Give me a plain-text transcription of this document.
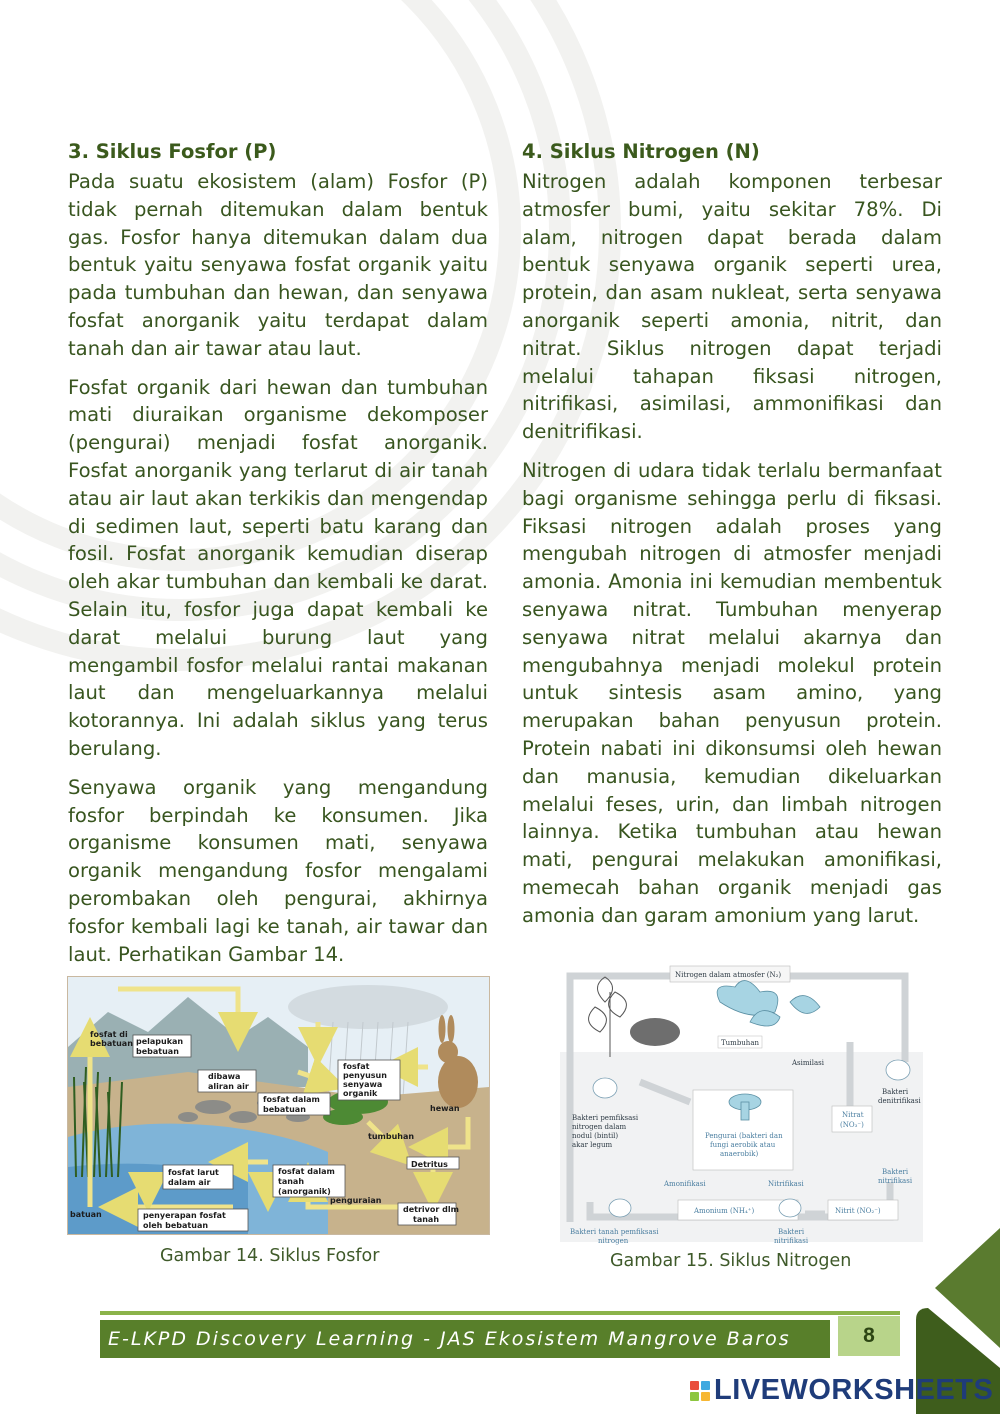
3. Siklus Fosfor (P)

Pada suatu ekosistem (alam) Fosfor (P) tidak pernah ditemukan dalam bentuk gas. Fosfor hanya ditemukan dalam dua bentuk yaitu senyawa fosfat organik yaitu pada tumbuhan dan hewan, dan senyawa fosfat anorganik yaitu terdapat dalam tanah dan air tawar atau laut.

Fosfat organik dari hewan dan tumbuhan mati diuraikan organisme dekomposer (pengurai) menjadi fosfat anorganik. Fosfat anorganik yang terlarut di air tanah atau air laut akan terkikis dan mengendap di sedimen laut, seperti batu karang dan fosil. Fosfat anorganik kemudian diserap oleh akar tumbuhan dan kembali ke darat. Selain itu, fosfor juga dapat kembali ke darat melalui burung laut yang mengambil fosfor melalui rantai makanan laut dan mengeluarkannya melalui kotorannya. Ini adalah siklus yang terus berulang.

Senyawa organik yang mengandung fosfor berpindah ke konsumen. Jika organisme konsumen mati, senyawa organik mengandung fosfor mengalami perombakan oleh pengurai, akhirnya fosfor kembali lagi ke tanah, air tawar dan laut. Perhatikan Gambar 14.

4. Siklus Nitrogen (N)

Nitrogen adalah komponen terbesar atmosfer bumi, yaitu sekitar 78%. Di alam, nitrogen dapat berada dalam bentuk senyawa organik seperti urea, protein, dan asam nukleat, serta senyawa anorganik seperti amonia, nitrit, dan nitrat. Siklus nitrogen dapat terjadi melalui tahapan fiksasi nitrogen, nitrifikasi, asimilasi, ammonifikasi dan denitrifikasi.

Nitrogen di udara tidak terlalu bermanfaat bagi organisme sehingga perlu di fiksasi. Fiksasi nitrogen adalah proses yang mengubah nitrogen di atmosfer menjadi amonia. Amonia ini kemudian membentuk senyawa nitrat. Tumbuhan menyerap senyawa nitrat melalui akarnya dan mengubahnya menjadi molekul protein untuk sintesis asam amino, yang merupakan bahan penyusun protein. Protein nabati ini dikonsumsi oleh hewan dan manusia, kemudian dikeluarkan melalui feses, urin, dan limbah nitrogen lainnya. Ketika tumbuhan atau hewan mati, pengurai melakukan amonifikasi, memecah bahan organik menjadi gas amonia dan garam amonium yang larut.

fosfat di
bebatuan pelapukan
bebatuan
dibawa
aliran air
fosfat dalam
bebatuan
fosfat
penyusun
senyawa
organik
tumbuhan
hewan
Detritus
fosfat larut
dalam air
fosfat dalam
tanah
(anorganik)
penguraian
detrivor dlm
tanah
batuan	penyerapan fosfat
oleh bebatuan
Gambar 14. Siklus Fosfor
Nitrogen dalam atmosfer (N₂)
Tumbuhan
Asimilasi
Pengurai (bakteri dan
fungi aerobik atau
anaerobik)
Bakteri pemfiksasi
nitrogen dalam
nodul (bintil)
akar legum
Bakteri
denitrifikasi
Nitrat
(NO₃⁻)
Bakteri
nitrifikasi
Amonifikasi	Nitrifikasi
Amonium (NH₄⁺)	Nitrit (NO₂⁻)
Bakteri tanah pemfiksasi
nitrogen
Bakteri
nitrifikasi
Gambar 15. Siklus Nitrogen
E-LKPD Discovery Learning - JAS Ekosistem Mangrove Baros	8
LIVEWORKSHEETS
